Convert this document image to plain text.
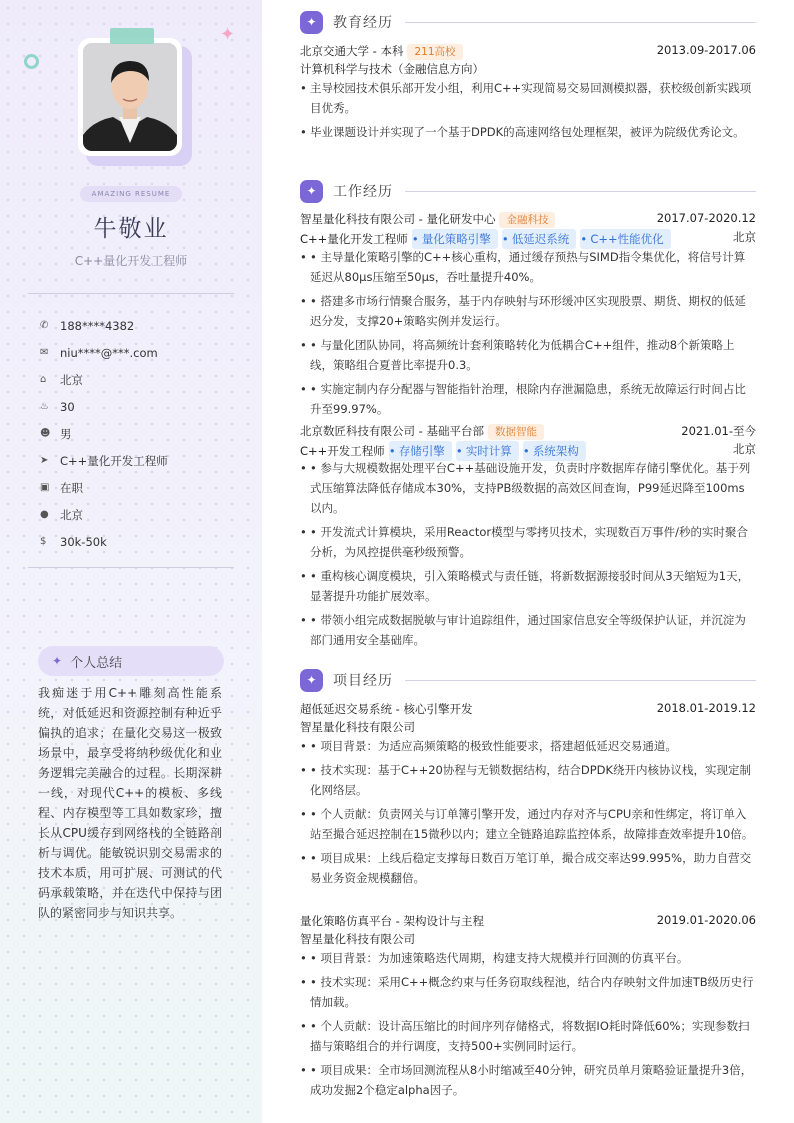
✦
AMAZING RESUME
牛敬业
C++量化开发工程师
✆	188****4382
✉	niu****@***.com
⌂	北京
♨ 30
☻ 男
➤	C++量化开发工程师
▣ 在职
● 北京
$	30k-50k
✦ 个人总结
我痴迷于用C++雕刻高性能系统，对低延迟和资源控制有种近乎偏执的追求；在量化交易这一极致场景中，最享受将纳秒级优化和业务逻辑完美融合的过程。长期深耕一线，对现代C++的模板、多线程、内存模型等工具如数家珍，擅长从CPU缓存到网络栈的全链路剖析与调优。能敏锐识别交易需求的技术本质，用可扩展、可测试的代码承载策略，并在迭代中保持与团队的紧密同步与知识共享。
✦	教育经历
北京交通大学 - 本科 211高校	2013.09-2017.06
计算机科学与技术（金融信息方向）
• 主导校园技术俱乐部开发小组，利用C++实现简易交易回测模拟器，获校级创新实践项目优秀。
• 毕业课题设计并实现了一个基于DPDK的高速网络包处理框架，被评为院级优秀论文。
✦	工作经历
智星量化科技有限公司 - 量化研发中心 金融科技	2017.07-2020.12
C++量化开发工程师 • 量化策略引擎 • 低延迟系统 • C++性能优化	北京
• • 主导量化策略引擎的C++核心重构，通过缓存预热与SIMD指令集优化，将信号计算延迟从80μs压缩至50μs，吞吐量提升40%。
• • 搭建多市场行情聚合服务，基于内存映射与环形缓冲区实现股票、期货、期权的低延迟分发，支撑20+策略实例并发运行。
• • 与量化团队协同，将高频统计套利策略转化为低耦合C++组件，推动8个新策略上线，策略组合夏普比率提升0.3。
• • 实施定制内存分配器与智能指针治理，根除内存泄漏隐患，系统无故障运行时间占比升至99.97%。
北京数匠科技有限公司 - 基础平台部 数据智能	2021.01-至今
C++开发工程师 • 存储引擎 • 实时计算 • 系统架构	北京
• • 参与大规模数据处理平台C++基础设施开发，负责时序数据库存储引擎优化。基于列式压缩算法降低存储成本30%，支持PB级数据的高效区间查询，P99延迟降至100ms以内。
• • 开发流式计算模块，采用Reactor模型与零拷贝技术，实现数百万事件/秒的实时聚合分析，为风控提供毫秒级预警。
• • 重构核心调度模块，引入策略模式与责任链，将新数据源接驳时间从3天缩短为1天，显著提升功能扩展效率。
• • 带领小组完成数据脱敏与审计追踪组件，通过国家信息安全等级保护认证，并沉淀为部门通用安全基础库。
✦	项目经历
超低延迟交易系统 - 核心引擎开发	2018.01-2019.12
智星量化科技有限公司
• • 项目背景：为适应高频策略的极致性能要求，搭建超低延迟交易通道。
• • 技术实现：基于C++20协程与无锁数据结构，结合DPDK绕开内核协议栈，实现定制化网络层。
• • 个人贡献：负责网关与订单簿引擎开发，通过内存对齐与CPU亲和性绑定，将订单入站至撮合延迟控制在15微秒以内；建立全链路追踪监控体系，故障排查效率提升10倍。
• • 项目成果：上线后稳定支撑每日数百万笔订单，撮合成交率达99.995%，助力自营交易业务资金规模翻倍。
量化策略仿真平台 - 架构设计与主程	2019.01-2020.06
智星量化科技有限公司
• • 项目背景：为加速策略迭代周期，构建支持大规模并行回测的仿真平台。
• • 技术实现：采用C++概念约束与任务窃取线程池，结合内存映射文件加速TB级历史行情加载。
• • 个人贡献：设计高压缩比的时间序列存储格式，将数据IO耗时降低60%；实现参数扫描与策略组合的并行调度，支持500+实例同时运行。
• • 项目成果：全市场回测流程从8小时缩减至40分钟，研究员单月策略验证量提升3倍，成功发掘2个稳定alpha因子。
